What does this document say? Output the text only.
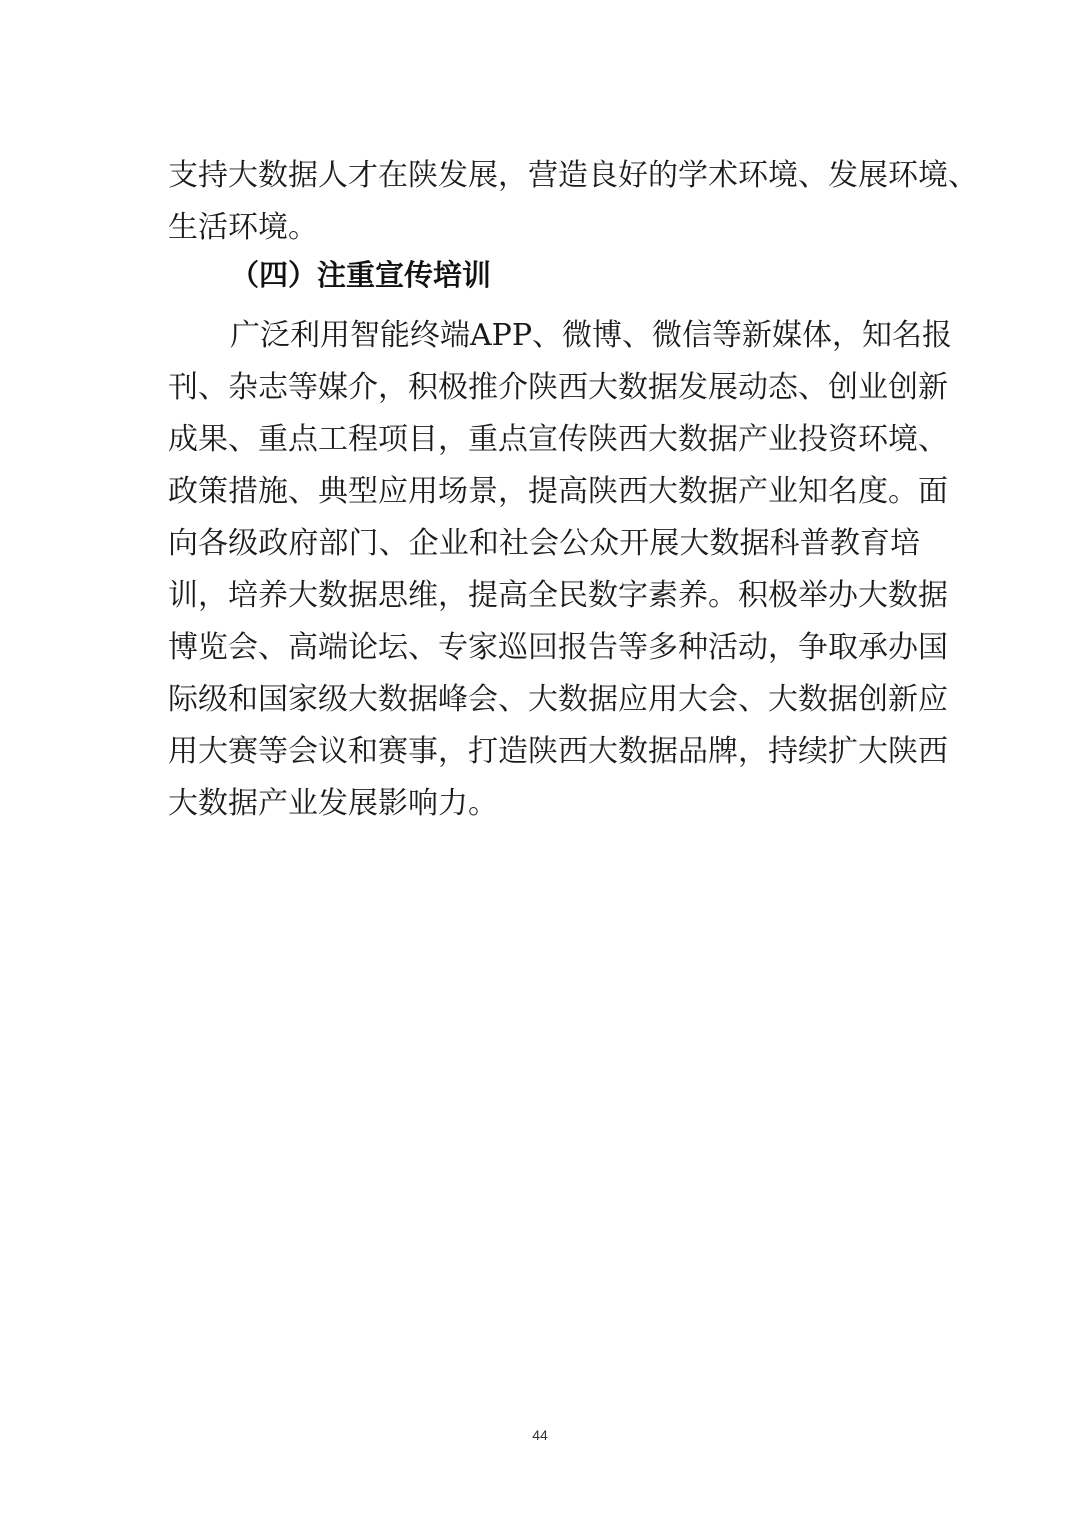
支持大数据人才在陕发展，营造良好的学术环境、发展环境、
生活环境。
（四）注重宣传培训
广泛利用智能终端APP、微博、微信等新媒体，知名报
刊、杂志等媒介，积极推介陕西大数据发展动态、创业创新
成果、重点工程项目，重点宣传陕西大数据产业投资环境、
政策措施、典型应用场景，提高陕西大数据产业知名度。面
向各级政府部门、企业和社会公众开展大数据科普教育培
训，培养大数据思维，提高全民数字素养。积极举办大数据
博览会、高端论坛、专家巡回报告等多种活动，争取承办国
际级和国家级大数据峰会、大数据应用大会、大数据创新应
用大赛等会议和赛事，打造陕西大数据品牌，持续扩大陕西
大数据产业发展影响力。
44
